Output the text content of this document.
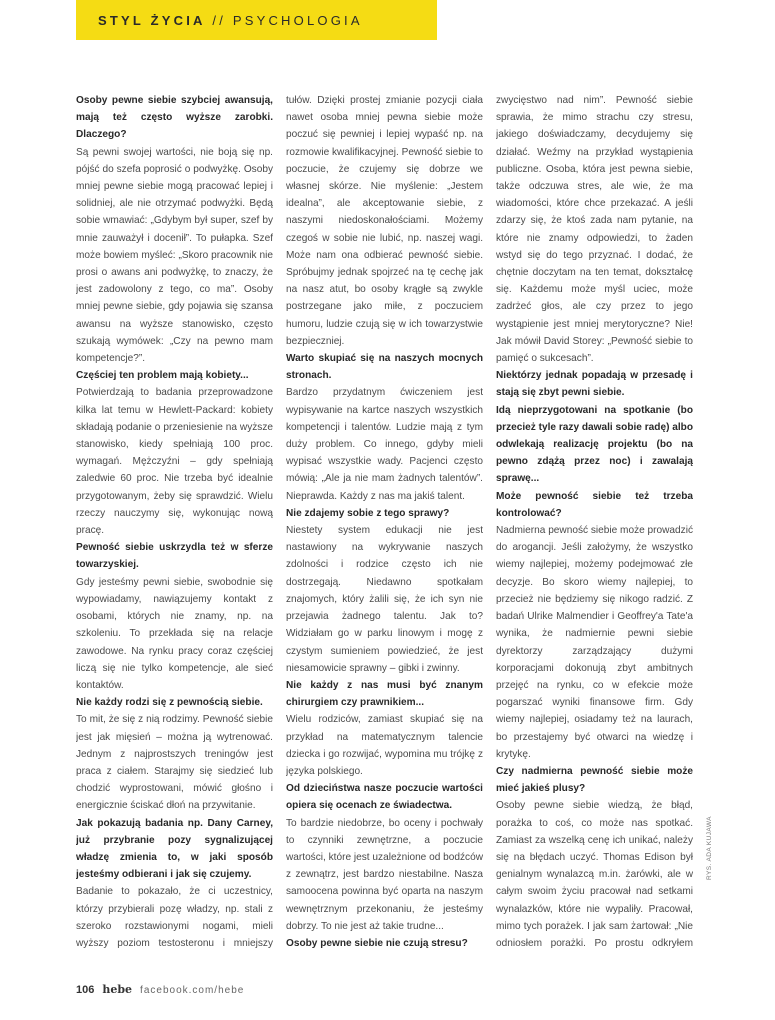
STYL ŻYCIA // PSYCHOLOGIA

Osoby pewne siebie szybciej awansują, mają też często wyższe zarobki. Dlaczego?

Są pewni swojej wartości, nie boją się np. pójść do szefa poprosić o podwyżkę. Osoby mniej pewne siebie mogą pracować lepiej i solidniej, ale nie otrzymać podwyżki. Będą sobie wmawiać: „Gdybym był super, szef by mnie zauważył i docenił”. To pułapka. Szef może bowiem myśleć: „Skoro pracownik nie prosi o awans ani podwyżkę, to znaczy, że jest zadowolony z tego, co ma”. Osoby mniej pewne siebie, gdy pojawia się szansa awansu na wyższe stanowisko, często szukają wymówek: „Czy na pewno mam kompetencje?”.

Częściej ten problem mają kobiety...

Potwierdzają to badania przeprowadzone kilka lat temu w Hewlett-Packard: kobiety składają podanie o przeniesienie na wyższe stanowisko, kiedy spełniają 100 proc. wymagań. Mężczyźni – gdy spełniają zaledwie 60 proc. Nie trzeba być idealnie przygotowanym, żeby się sprawdzić. Wielu rzeczy nauczymy się, wykonując nową pracę.

Pewność siebie uskrzydla też w sferze towarzyskiej.

Gdy jesteśmy pewni siebie, swobodnie się wypowiadamy, nawiązujemy kontakt z osobami, których nie znamy, np. na szkoleniu. To przekłada się na relacje zawodowe. Na rynku pracy coraz częściej liczą się nie tylko kompetencje, ale sieć kontaktów.

Nie każdy rodzi się z pewnością siebie.

To mit, że się z nią rodzimy. Pewność siebie jest jak mięsień – można ją wytrenować. Jednym z najprostszych treningów jest praca z ciałem. Starajmy się siedzieć lub chodzić wyprostowani, mówić głośno i energicznie ściskać dłoń na przywitanie.

Jak pokazują badania np. Dany Carney, już przybranie pozy sygnalizującej władzę zmienia to, w jaki sposób jesteśmy odbierani i jak się czujemy.

Badanie to pokazało, że ci uczestnicy, którzy przybierali pozę władzy, np. stali z szeroko rozstawionymi nogami, mieli wyższy poziom testosteronu i mniejszy

tułów. Dzięki prostej zmianie pozycji ciała nawet osoba mniej pewna siebie może poczuć się pewniej i lepiej wypaść np. na rozmowie kwalifikacyjnej. Pewność siebie to poczucie, że czujemy się dobrze we własnej skórze. Nie myślenie: „Jestem idealna”, ale akceptowanie siebie, z naszymi niedoskonałościami. Możemy czegoś w sobie nie lubić, np. naszej wagi. Może nam ona odbierać pewność siebie. Spróbujmy jednak spojrzeć na tę cechę jak na nasz atut, bo osoby krągłe są zwykle postrzegane jako miłe, z poczuciem humoru, ludzie czują się w ich towarzystwie bezpieczniej.

Warto skupiać się na naszych mocnych stronach.

Bardzo przydatnym ćwiczeniem jest wypisywanie na kartce naszych wszystkich kompetencji i talentów. Ludzie mają z tym duży problem. Co innego, gdyby mieli wypisać wszystkie wady. Pacjenci często mówią: „Ale ja nie mam żadnych talentów”. Nieprawda. Każdy z nas ma jakiś talent.

Nie zdajemy sobie z tego sprawy?

Niestety system edukacji nie jest nastawiony na wykrywanie naszych zdolności i rodzice często ich nie dostrzegają. Niedawno spotkałam znajomych, który żalili się, że ich syn nie przejawia żadnego talentu. Jak to? Widziałam go w parku linowym i mogę z czystym sumieniem powiedzieć, że jest niesamowicie sprawny – gibki i zwinny.

Nie każdy z nas musi być znanym chirurgiem czy prawnikiem...

Wielu rodziców, zamiast skupiać się na przykład na matematycznym talencie dziecka i go rozwijać, wypomina mu trójkę z języka polskiego.

Od dzieciństwa nasze poczucie wartości opiera się ocenach ze świadectwa.

To bardzie niedobrze, bo oceny i pochwały to czynniki zewnętrzne, a poczucie wartości, które jest uzależnione od bodźców z zewnątrz, jest bardzo niestabilne. Nasza samoocena powinna być oparta na naszym wewnętrznym przekonaniu, że jesteśmy dobrzy. To nie jest aż takie trudne...

Osoby pewne siebie nie czują stresu?

zwycięstwo nad nim”. Pewność siebie sprawia, że mimo strachu czy stresu, jakiego doświadczamy, decydujemy się działać. Weźmy na przykład wystąpienia publiczne. Osoba, która jest pewna siebie, także odczuwa stres, ale wie, że ma wiadomości, które chce przekazać. A jeśli zdarzy się, że ktoś zada nam pytanie, na które nie znamy odpowiedzi, to żaden wstyd się do tego przyznać. I dodać, że chętnie doczytam na ten temat, dokształcę się. Każdemu może myśl uciec, może zadrżeć głos, ale czy przez to jego wystąpienie jest mniej merytoryczne? Nie! Jak mówił David Storey: „Pewność siebie to pamięć o sukcesach”.

Niektórzy jednak popadają w przesadę i stają się zbyt pewni siebie.

Idą nieprzygotowani na spotkanie (bo przecież tyle razy dawali sobie radę) albo odwlekają realizację projektu (bo na pewno zdążą przez noc) i zawalają sprawę...

Może pewność siebie też trzeba kontrolować?

Nadmierna pewność siebie może prowadzić do arogancji. Jeśli założymy, że wszystko wiemy najlepiej, możemy podejmować złe decyzje. Bo skoro wiemy najlepiej, to przecież nie będziemy się nikogo radzić. Z badań Ulrike Malmendier i Geoffrey'a Tate'a wynika, że nadmiernie pewni siebie dyrektorzy zarządzający dużymi korporacjami dokonują zbyt ambitnych przejęć na rynku, co w efekcie może pogarszać wyniki finansowe firm. Gdy wiemy najlepiej, osiadamy też na laurach, bo przestajemy być otwarci na wiedzę i krytykę.

Czy nadmierna pewność siebie może mieć jakieś plusy?

Osoby pewne siebie wiedzą, że błąd, porażka to coś, co może nas spotkać. Zamiast za wszelką cenę ich unikać, należy się na błędach uczyć. Thomas Edison był genialnym wynalazcą m.in. żarówki, ale w całym swoim życiu pracował nad setkami wynalazków, które nie wypaliły. Pracował, mimo tych porażek. I jak sam żartował: „Nie odniosłem porażki. Po prostu odkryłem

RYS. ADA KUJAWA
106 hebe facebook.com/hebe
